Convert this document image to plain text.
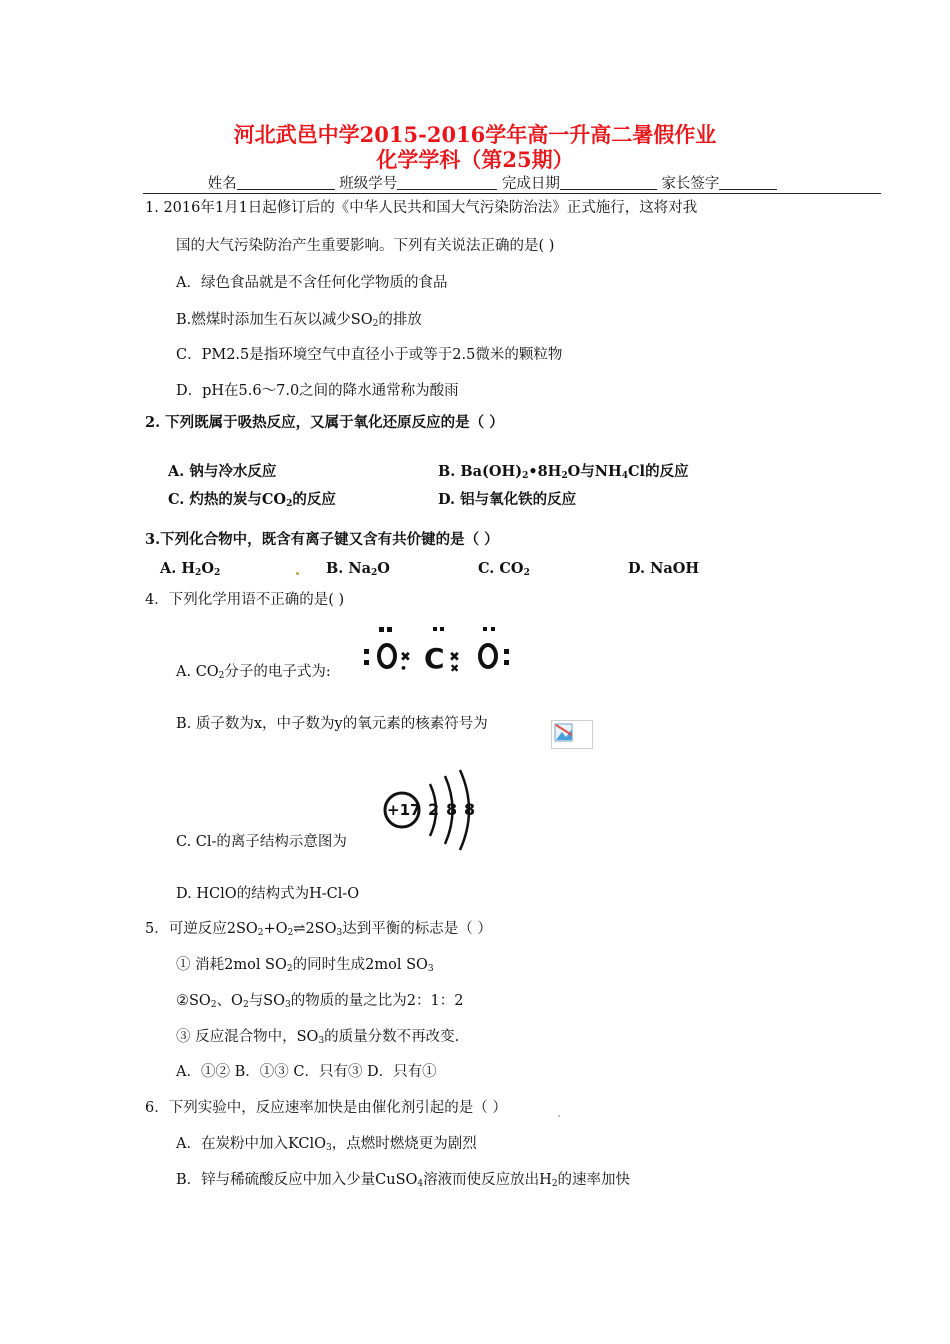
河北武邑中学2015-2016学年高一升高二暑假作业
化学学科（第25期）
姓名	班级学号	完成日期	家长签字
1. 2016年1月1日起修订后的《中华人民共和国大气污染防治法》正式施行，这将对我
国的大气污染防治产生重要影响。下列有关说法正确的是( )
A．绿色食品就是不含任何化学物质的食品
B.燃煤时添加生石灰以减少$SO_2$的排放
C．PM2.5是指环境空气中直径小于或等于2.5微米的颗粒物
D．pH在5.6～7.0之间的降水通常称为酸雨
2. 下列既属于吸热反应，又属于氧化还原反应的是（ ）
A. 钠与冷水反应	B. $Ba(OH)_2•8H_2O$与$NH_4Cl$的反应
C. 灼热的炭与$CO_2$的反应	D. 铝与氧化铁的反应
3.下列化合物中，既含有离子键又含有共价键的是（ ）
A. $H_2O_2$	B. $Na_2O$	C. $CO_2$	D. NaOH
4．下列化学用语不正确的是( )
✖
• C ✖
✖
A. $CO_2$分子的电子式为:
B. 质子数为x，中子数为y的氧元素的核素符号为
+17 2 8 8
C. Cl-的离子结构示意图为
D. HClO的结构式为H-Cl-O
5．可逆反应$2SO_2+O_2\rightleftharpoons 2SO_3$达到平衡的标志是（ ）
① 消耗2mol $SO_2$的同时生成2mol $SO_3$
$②SO_2$、$O_2$与$SO_3$的物质的量之比为2：1：2
③ 反应混合物中，$SO_3$的质量分数不再改变.
A．①② B．①③ C．只有③ D．只有①
6．下列实验中，反应速率加快是由催化剂引起的是（ ）
A．在炭粉中加入KClO$_3$，点燃时燃烧更为剧烈
B．锌与稀硫酸反应中加入少量CuSO$_4$溶液而使反应放出$H_2$的速率加快
